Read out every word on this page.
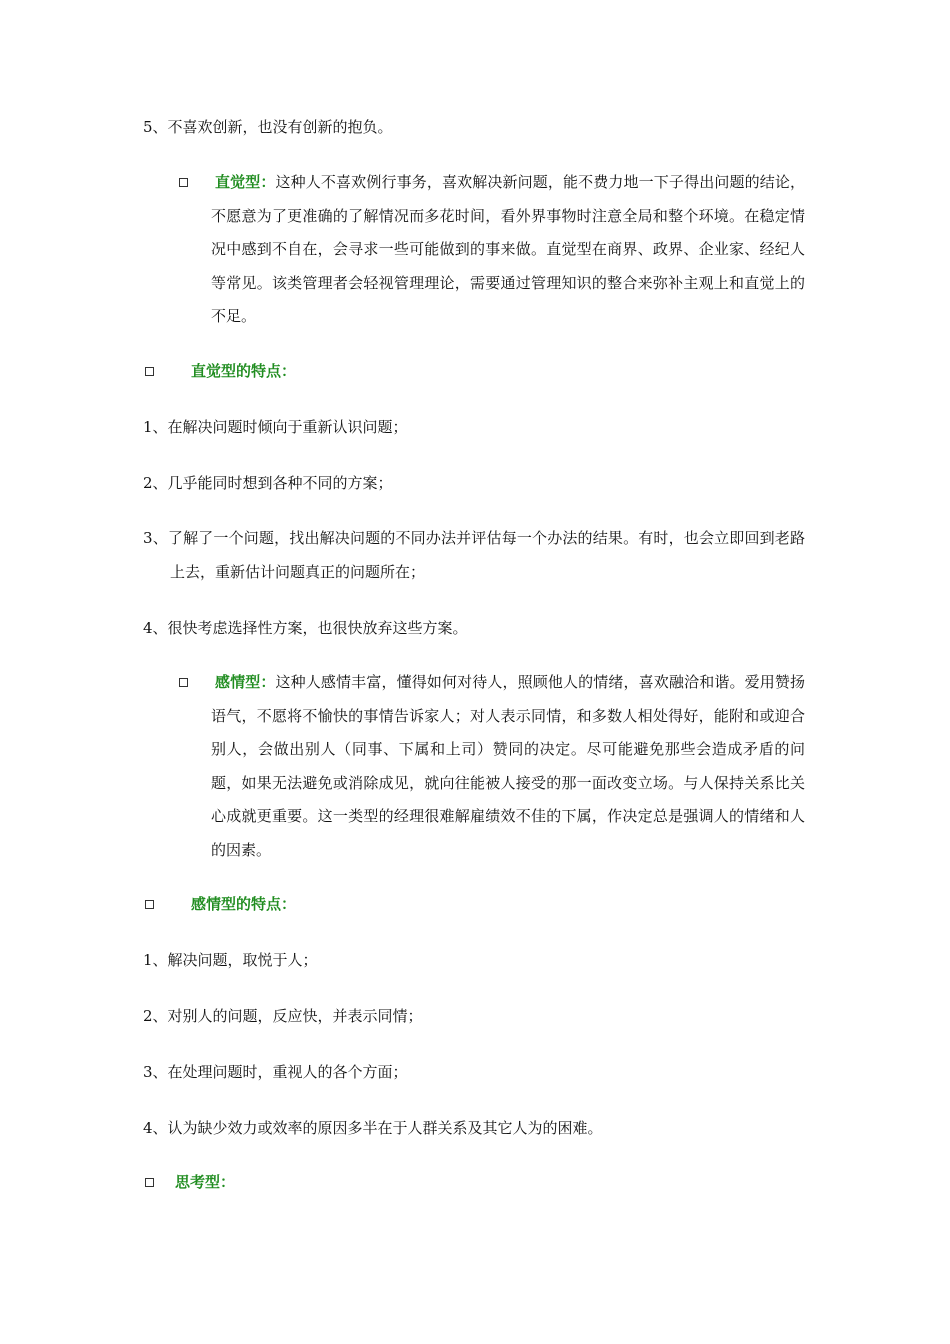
5、不喜欢创新，也没有创新的抱负。
直觉型：这种人不喜欢例行事务，喜欢解决新问题，能不费力地一下子得出问题的结论，不愿意为了更准确的了解情况而多花时间，看外界事物时注意全局和整个环境。在稳定情况中感到不自在，会寻求一些可能做到的事来做。直觉型在商界、政界、企业家、经纪人等常见。该类管理者会轻视管理理论，需要通过管理知识的整合来弥补主观上和直觉上的不足。
直觉型的特点：
1、在解决问题时倾向于重新认识问题；
2、几乎能同时想到各种不同的方案；
3、了解了一个问题，找出解决问题的不同办法并评估每一个办法的结果。有时，也会立即回到老路上去，重新估计问题真正的问题所在；
4、很快考虑选择性方案，也很快放弃这些方案。
感情型：这种人感情丰富，懂得如何对待人，照顾他人的情绪，喜欢融洽和谐。爱用赞扬语气，不愿将不愉快的事情告诉家人；对人表示同情，和多数人相处得好，能附和或迎合别人，会做出别人（同事、下属和上司）赞同的决定。尽可能避免那些会造成矛盾的问题，如果无法避免或消除成见，就向往能被人接受的那一面改变立场。与人保持关系比关心成就更重要。这一类型的经理很难解雇绩效不佳的下属，作决定总是强调人的情绪和人的因素。
感情型的特点：
1、解决问题，取悦于人；
2、对别人的问题，反应快，并表示同情；
3、在处理问题时，重视人的各个方面；
4、认为缺少效力或效率的原因多半在于人群关系及其它人为的困难。
思考型：
